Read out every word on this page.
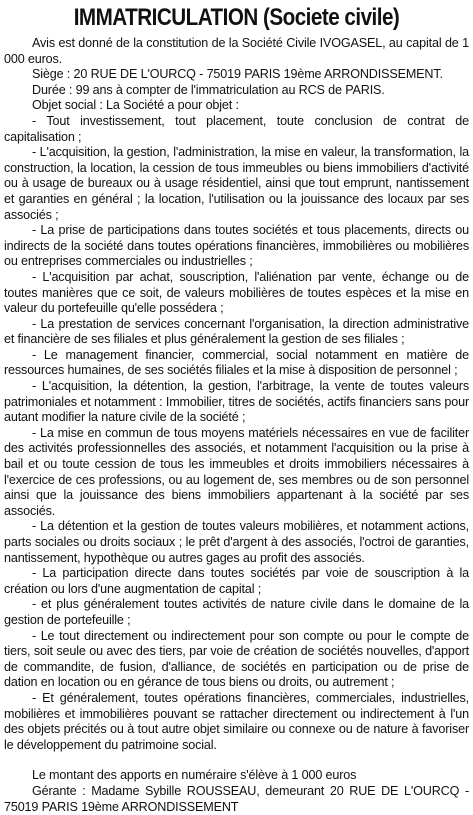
IMMATRICULATION (Societe civile)

Avis est donné de la constitution de la Société Civile IVOGASEL, au capital de 1 000 euros.

Siège : 20 RUE DE L'OURCQ - 75019 PARIS 19ème ARRONDISSEMENT.

Durée : 99 ans à compter de l'immatriculation au RCS de PARIS.

Objet social : La Société a pour objet :

- Tout investissement, tout placement, toute conclusion de contrat de capitalisation ;

- L'acquisition, la gestion, l'administration, la mise en valeur, la transformation, la construction, la location, la cession de tous immeubles ou biens immobiliers d'activité ou à usage de bureaux ou à usage résidentiel, ainsi que tout emprunt, nantissement et garanties en général ; la location, l'utilisation ou la jouissance des locaux par ses associés ;

- La prise de participations dans toutes sociétés et tous placements, directs ou indirects de la société dans toutes opérations financières, immobilières ou mobilières ou entreprises commerciales ou industrielles ;

- L'acquisition par achat, souscription, l'aliénation par vente, échange ou de toutes manières que ce soit, de valeurs mobilières de toutes espèces et la mise en valeur du portefeuille qu'elle possédera ;

- La prestation de services concernant l'organisation, la direction administrative et financière de ses filiales et plus généralement la gestion de ses filiales ;

- Le management financier, commercial, social notamment en matière de ressources humaines, de ses sociétés filiales et la mise à disposition de personnel ;

- L'acquisition, la détention, la gestion, l'arbitrage, la vente de toutes valeurs patrimoniales et notamment : Immobilier, titres de sociétés, actifs financiers sans pour autant modifier la nature civile de la société ;

- La mise en commun de tous moyens matériels nécessaires en vue de faciliter des activités professionnelles des associés, et notamment l'acquisition ou la prise à bail et ou toute cession de tous les immeubles et droits immobiliers nécessaires à l'exercice de ces professions, ou au logement de, ses membres ou de son personnel ainsi que la jouissance des biens immobiliers appartenant à la société par ses associés.

- La détention et la gestion de toutes valeurs mobilières, et notamment actions, parts sociales ou droits sociaux ; le prêt d'argent à des associés, l'octroi de garanties, nantissement, hypothèque ou autres gages au profit des associés.

- La participation directe dans toutes sociétés par voie de souscription à la création ou lors d'une augmentation de capital ;

- et plus généralement toutes activités de nature civile dans le domaine de la gestion de portefeuille ;

- Le tout directement ou indirectement pour son compte ou pour le compte de tiers, soit seule ou avec des tiers, par voie de création de sociétés nouvelles, d'apport de commandite, de fusion, d'alliance, de sociétés en participation ou de prise de dation en location ou en gérance de tous biens ou droits, ou autrement ;

- Et généralement, toutes opérations financières, commerciales, industrielles, mobilières et immobilières pouvant se rattacher directement ou indirectement à l'un des objets précités ou à tout autre objet similaire ou connexe ou de nature à favoriser le développement du patrimoine social.

Le montant des apports en numéraire s'élève à 1 000 euros

Gérante : Madame Sybille ROUSSEAU, demeurant 20 RUE DE L'OURCQ - 75019 PARIS 19ème ARRONDISSEMENT
